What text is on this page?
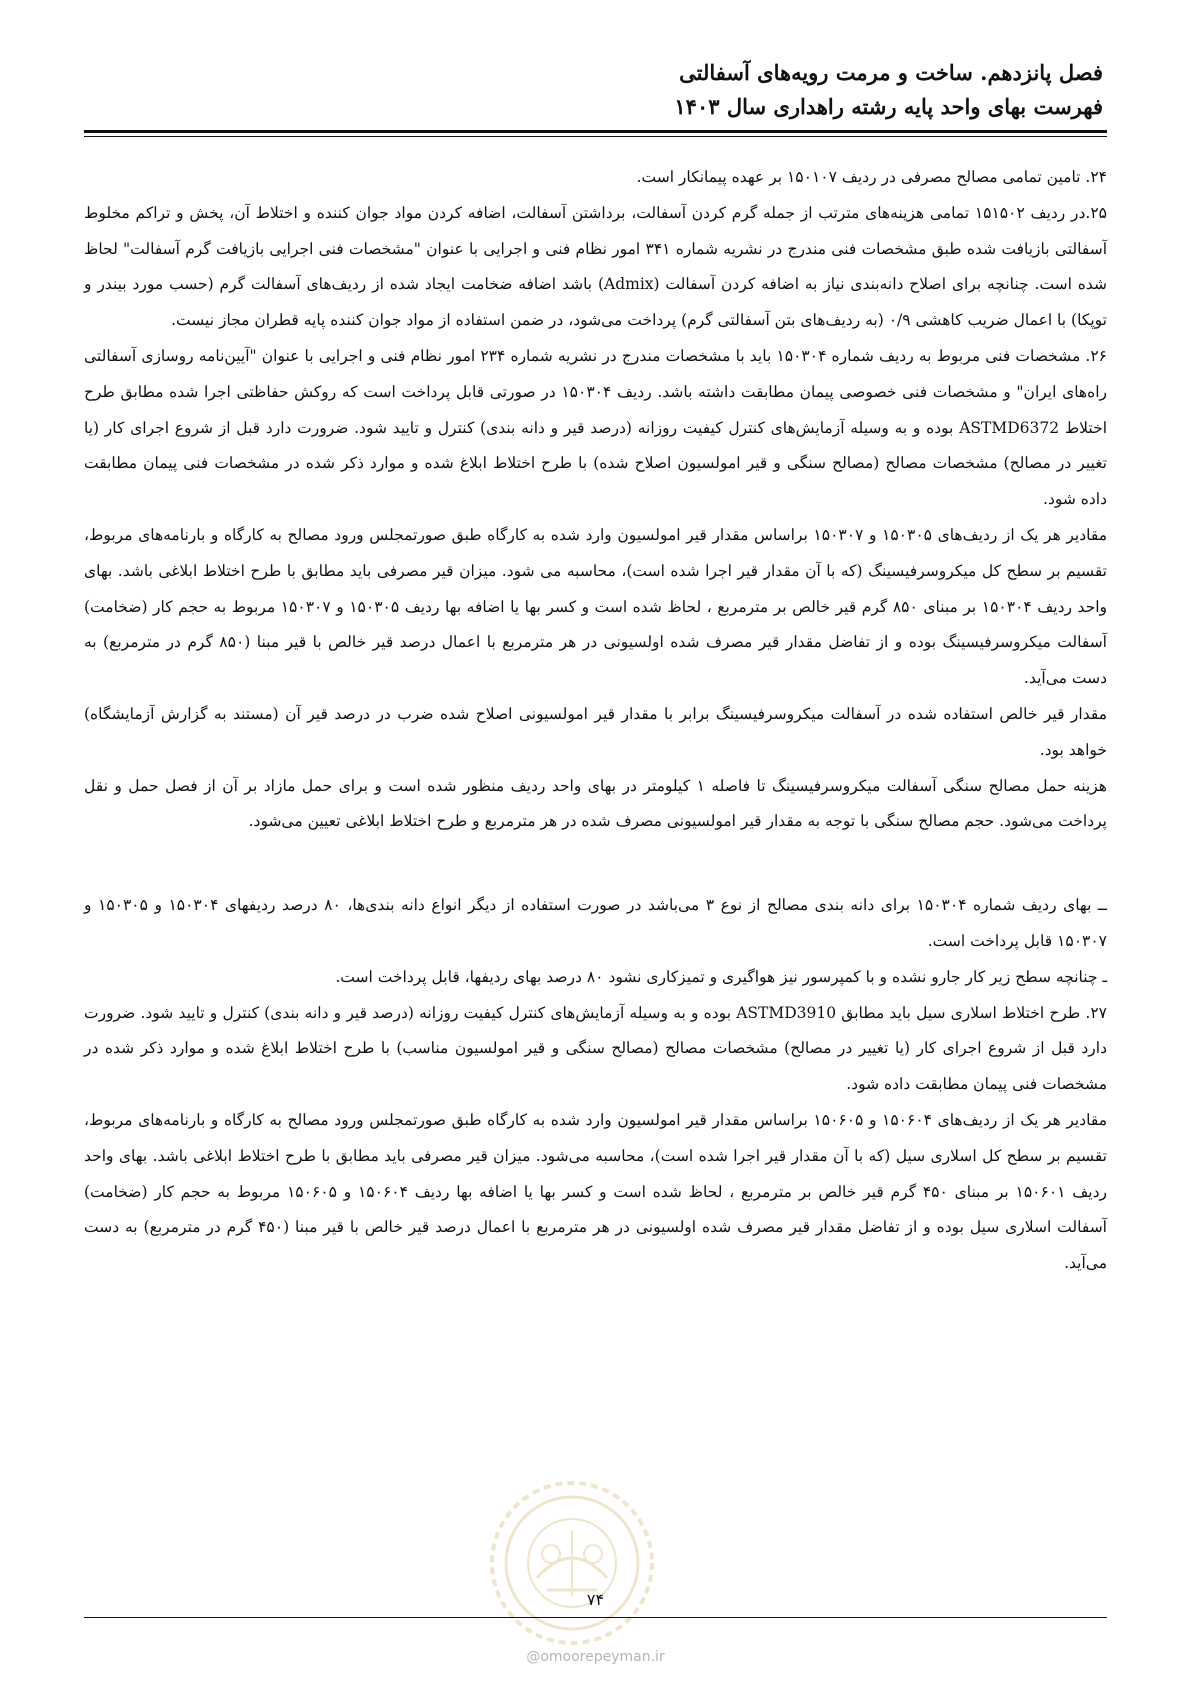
فصل پانزدهم. ساخت و مرمت رویه‌های آسفالتی

فهرست بهای واحد پایه رشته راهداری سال ۱۴۰۳

۲۴. تامین تمامی مصالح مصرفی در ردیف ۱۵۰۱۰۷ بر عهده پیمانکار است.

۲۵.در ردیف ۱۵۱۵۰۲ تمامی هزینه‌های مترتب از جمله گرم کردن آسفالت، برداشتن آسفالت، اضافه کردن مواد جوان کننده و اختلاط آن، پخش و تراکم مخلوط آسفالتی بازیافت شده طبق مشخصات فنی مندرج در نشریه شماره ۳۴۱ امور نظام فنی و اجرایی با عنوان "مشخصات فنی اجرایی بازیافت گرم آسفالت" لحاظ شده است. چنانچه برای اصلاح دانه‌بندی نیاز به اضافه کردن آسفالت (Admix) باشد اضافه ضخامت ایجاد شده از ردیف‌های آسفالت گرم (حسب مورد بیندر و توپکا) با اعمال ضریب کاهشی ۰/۹ (به ردیف‌های بتن آسفالتی گرم) پرداخت می‌شود، در ضمن استفاده از مواد جوان کننده پایه قطران مجاز نیست.

۲۶. مشخصات فنی مربوط به ردیف شماره ۱۵۰۳۰۴ باید با مشخصات مندرج در نشریه شماره ۲۳۴ امور نظام فنی و اجرایی با عنوان "آیین‌نامه روسازی آسفالتی راه‌های ایران" و مشخصات فنی خصوصی پیمان مطابقت داشته باشد. ردیف ۱۵۰۳۰۴ در صورتی قابل پرداخت است که روکش حفاظتی اجرا شده مطابق طرح اختلاط ASTMD6372 بوده و به وسیله آزمایش‌های کنترل کیفیت روزانه (درصد قیر و دانه بندی) کنترل و تایید شود. ضرورت دارد قبل از شروع اجرای کار (یا تغییر در مصالح) مشخصات مصالح (مصالح سنگی و قیر امولسیون اصلاح شده) با طرح اختلاط ابلاغ شده و موارد ذکر شده در مشخصات فنی پیمان مطابقت داده شود.

مقادیر هر یک از ردیف‌های ۱۵۰۳۰۵ و ۱۵۰۳۰۷ براساس مقدار قیر امولسیون وارد شده به کارگاه طبق صورتمجلس ورود مصالح به کارگاه و بارنامه‌های مربوط، تقسیم بر سطح کل میکروسرفیسینگ (که با آن مقدار قیر اجرا شده است)، محاسبه می شود. میزان قیر مصرفی باید مطابق با طرح اختلاط ابلاغی باشد. بهای واحد ردیف ۱۵۰۳۰۴ بر مبنای ۸۵۰ گرم قیر خالص بر مترمربع ، لحاظ شده است و کسر بها یا اضافه بها ردیف ۱۵۰۳۰۵ و ۱۵۰۳۰۷ مربوط به حجم کار (ضخامت) آسفالت میکروسرفیسینگ بوده و از تفاضل مقدار قیر مصرف شده اولسیونی در هر مترمربع با اعمال درصد قیر خالص با قیر مبنا (۸۵۰ گرم در مترمربع) به دست می‌آید.

مقدار قیر خالص استفاده شده در آسفالت میکروسرفیسینگ برابر با مقدار قیر امولسیونی اصلاح شده ضرب در درصد قیر آن (مستند به گزارش آزمایشگاه) خواهد بود.

هزینه حمل مصالح سنگی آسفالت میکروسرفیسینگ تا فاصله ۱ کیلومتر در بهای واحد ردیف منظور شده است و برای حمل مازاد بر آن از فصل حمل و نقل پرداخت می‌شود. حجم مصالح سنگی با توجه به مقدار قیر امولسیونی مصرف شده در هر مترمربع و طرح اختلاط ابلاغی تعیین می‌شود.

ــ بهای ردیف شماره ۱۵۰۳۰۴ برای دانه بندی مصالح از نوع ۳ می‌باشد در صورت استفاده از دیگر انواع دانه بندی‌ها، ۸۰ درصد ردیفهای ۱۵۰۳۰۴ و ۱۵۰۳۰۵ و ۱۵۰۳۰۷ قابل پرداخت است.

ـ چنانچه سطح زیر کار جارو نشده و با کمپرسور نیز هواگیری و تمیزکاری نشود ۸۰ درصد بهای ردیفها، قابل پرداخت است.

۲۷. طرح اختلاط اسلاری سیل باید مطابق ASTMD3910 بوده و به وسیله آزمایش‌های کنترل کیفیت روزانه (درصد قیر و دانه بندی) کنترل و تایید شود. ضرورت دارد قبل از شروع اجرای کار (یا تغییر در مصالح) مشخصات مصالح (مصالح سنگی و قیر امولسیون مناسب) با طرح اختلاط ابلاغ شده و موارد ذکر شده در مشخصات فنی پیمان مطابقت داده شود.

مقادیر هر یک از ردیف‌های ۱۵۰۶۰۴ و ۱۵۰۶۰۵ براساس مقدار قیر امولسیون وارد شده به کارگاه طبق صورتمجلس ورود مصالح به کارگاه و بارنامه‌های مربوط، تقسیم بر سطح کل اسلاری سیل (که با آن مقدار قیر اجرا شده است)، محاسبه می‌شود. میزان قیر مصرفی باید مطابق با طرح اختلاط ابلاغی باشد. بهای واحد ردیف ۱۵۰۶۰۱ بر مبنای ۴۵۰ گرم قیر خالص بر مترمربع ، لحاظ شده است و کسر بها یا اضافه بها ردیف ۱۵۰۶۰۴ و ۱۵۰۶۰۵ مربوط به حجم کار (ضخامت) آسفالت اسلاری سیل بوده و از تفاضل مقدار قیر مصرف شده اولسیونی در هر مترمربع با اعمال درصد قیر خالص با قیر مبنا (۴۵۰ گرم در مترمربع) به دست می‌آید.

۷۴
@omoorepeyman.ir
